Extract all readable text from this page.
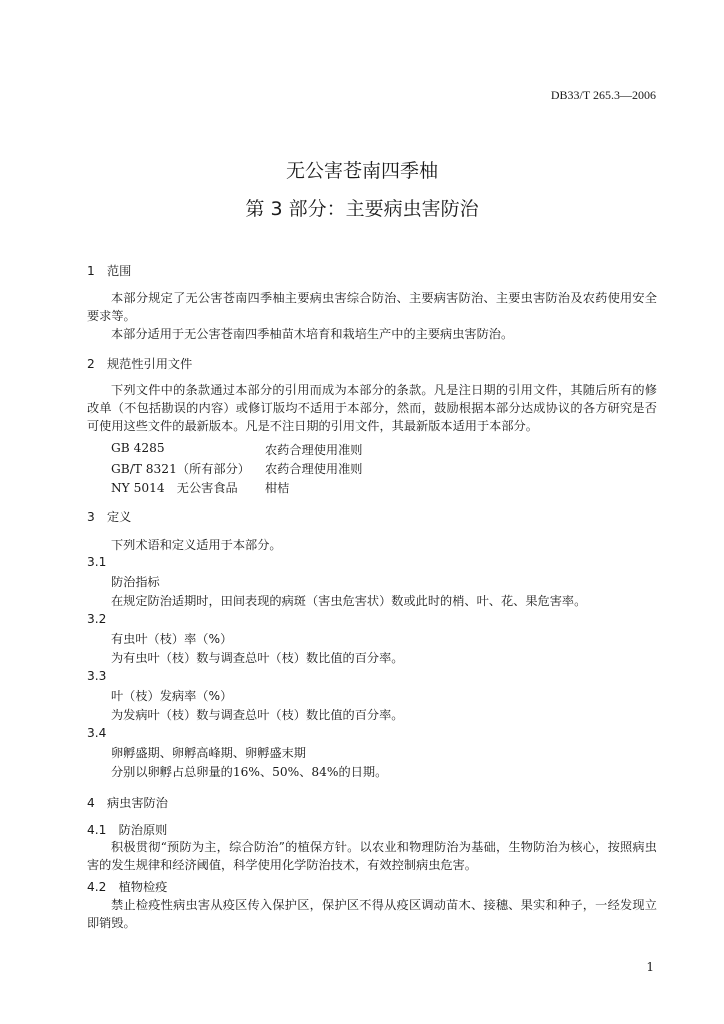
DB33/T 265.3—2006
无公害苍南四季柚
第 3 部分：主要病虫害防治
1　范围
本部分规定了无公害苍南四季柚主要病虫害综合防治、主要病害防治、主要虫害防治及农药使用安全要求等。
本部分适用于无公害苍南四季柚苗木培育和栽培生产中的主要病虫害防治。
2　规范性引用文件
下列文件中的条款通过本部分的引用而成为本部分的条款。凡是注日期的引用文件，其随后所有的修改单（不包括勘误的内容）或修订版均不适用于本部分，然而，鼓励根据本部分达成协议的各方研究是否可使用这些文件的最新版本。凡是不注日期的引用文件，其最新版本适用于本部分。
GB 4285	农药合理使用准则
GB/T 8321（所有部分） 农药合理使用准则
NY 5014　无公害食品 柑桔
3　定义
下列术语和定义适用于本部分。
3.1
防治指标
在规定防治适期时，田间表现的病斑（害虫危害状）数或此时的梢、叶、花、果危害率。
3.2
有虫叶（枝）率（%）
为有虫叶（枝）数与调查总叶（枝）数比值的百分率。
3.3
叶（枝）发病率（%）
为发病叶（枝）数与调查总叶（枝）数比值的百分率。
3.4
卵孵盛期、卵孵高峰期、卵孵盛末期
分别以卵孵占总卵量的16%、50%、84%的日期。
4　病虫害防治
4.1　防治原则
积极贯彻“预防为主，综合防治”的植保方针。以农业和物理防治为基础，生物防治为核心，按照病虫害的发生规律和经济阈值，科学使用化学防治技术，有效控制病虫危害。
4.2　植物检疫
禁止检疫性病虫害从疫区传入保护区，保护区不得从疫区调动苗木、接穗、果实和种子，一经发现立即销毁。
1
